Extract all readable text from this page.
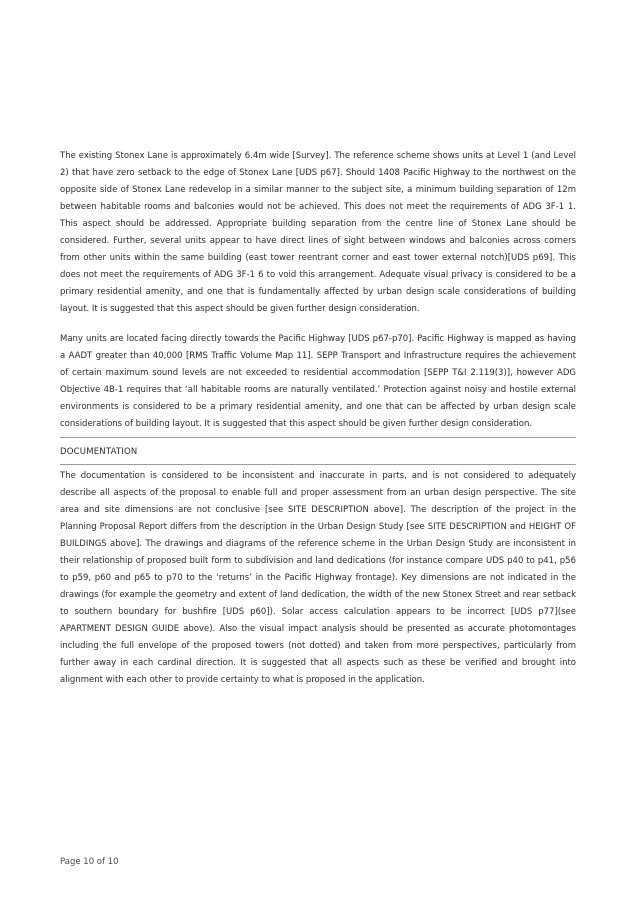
The existing Stonex Lane is approximately 6.4m wide [Survey]. The reference scheme shows units at Level 1 (and Level 2) that have zero setback to the edge of Stonex Lane [UDS p67]. Should 1408 Pacific Highway to the northwest on the opposite side of Stonex Lane redevelop in a similar manner to the subject site, a minimum building separation of 12m between habitable rooms and balconies would not be achieved. This does not meet the requirements of ADG 3F-1 1. This aspect should be addressed. Appropriate building separation from the centre line of Stonex Lane should be considered. Further, several units appear to have direct lines of sight between windows and balconies across corners from other units within the same building (east tower reentrant corner and east tower external notch)[UDS p69]. This does not meet the requirements of ADG 3F-1 6 to void this arrangement. Adequate visual privacy is considered to be a primary residential amenity, and one that is fundamentally affected by urban design scale considerations of building layout. It is suggested that this aspect should be given further design consideration.

Many units are located facing directly towards the Pacific Highway [UDS p67-p70]. Pacific Highway is mapped as having a AADT greater than 40,000 [RMS Traffic Volume Map 11]. SEPP Transport and Infrastructure requires the achievement of certain maximum sound levels are not exceeded to residential accommodation [SEPP T&I 2.119(3)], however ADG Objective 4B-1 requires that ‘all habitable rooms are naturally ventilated.’ Protection against noisy and hostile external environments is considered to be a primary residential amenity, and one that can be affected by urban design scale considerations of building layout. It is suggested that this aspect should be given further design consideration.

DOCUMENTATION

The documentation is considered to be inconsistent and inaccurate in parts, and is not considered to adequately describe all aspects of the proposal to enable full and proper assessment from an urban design perspective. The site area and site dimensions are not conclusive [see SITE DESCRIPTION above]. The description of the project in the Planning Proposal Report differs from the description in the Urban Design Study [see SITE DESCRIPTION and HEIGHT OF BUILDINGS above]. The drawings and diagrams of the reference scheme in the Urban Design Study are inconsistent in their relationship of proposed built form to subdivision and land dedications (for instance compare UDS p40 to p41, p56 to p59, p60 and p65 to p70 to the ‘returns’ in the Pacific Highway frontage). Key dimensions are not indicated in the drawings (for example the geometry and extent of land dedication, the width of the new Stonex Street and rear setback to southern boundary for bushfire [UDS p60]). Solar access calculation appears to be incorrect [UDS p77](see APARTMENT DESIGN GUIDE above). Also the visual impact analysis should be presented as accurate photomontages including the full envelope of the proposed towers (not dotted) and taken from more perspectives, particularly from further away in each cardinal direction. It is suggested that all aspects such as these be verified and brought into alignment with each other to provide certainty to what is proposed in the application.

Page 10 of 10
